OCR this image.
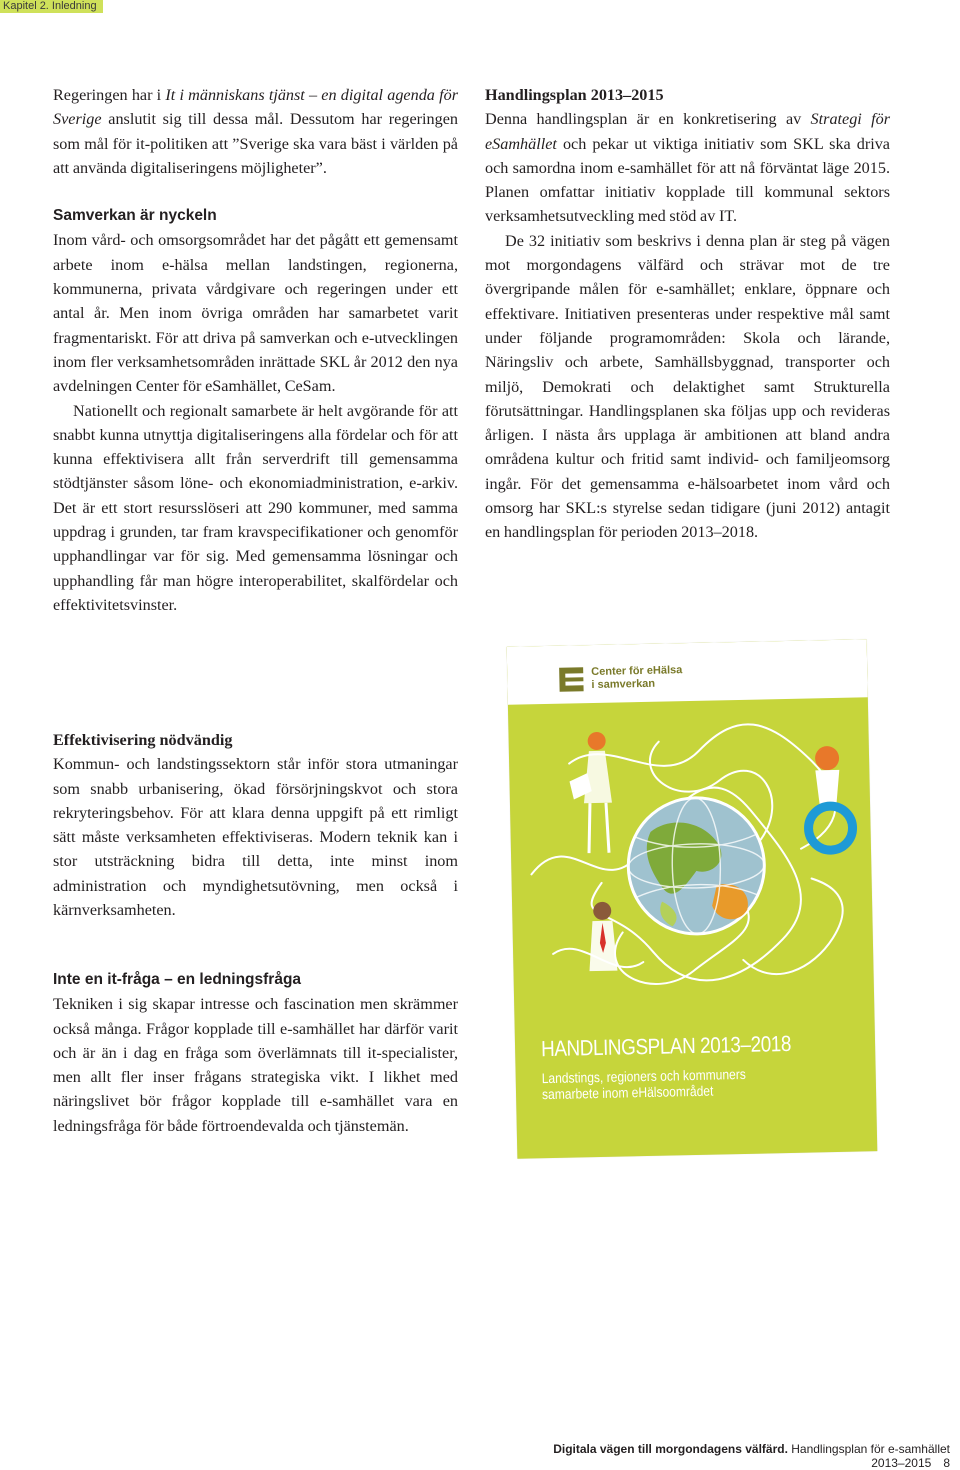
Kapitel 2. Inledning

Regeringen har i It i människans tjänst – en digital agenda för Sverige anslutit sig till dessa mål. Dessutom har regeringen som mål för it-politiken att ”Sverige ska vara bäst i världen på att använda digitaliseringens möjligheter”.

Samverkan är nyckeln

Inom vård- och omsorgsområdet har det pågått ett gemensamt arbete inom e-hälsa mellan landstingen, regionerna, kommunerna, privata vårdgivare och regeringen under ett antal år. Men inom övriga områden har samarbetet varit fragmentariskt. För att driva på samverkan och e-utvecklingen inom fler verksamhetsområden inrättade SKL år 2012 den nya avdelningen Center för eSamhället, CeSam.

Nationellt och regionalt samarbete är helt avgörande för att snabbt kunna utnyttja digitaliseringens alla fördelar och för att kunna effektivisera allt från serverdrift till gemensamma stödtjänster såsom löne- och ekonomiadministration, e-arkiv. Det är ett stort resursslöseri att 290 kommuner, med samma uppdrag i grunden, tar fram kravspecifikationer och genomför upphandlingar var för sig. Med gemensamma lösningar och upphandling får man högre interoperabilitet, skalfördelar och effektivitetsvinster.

Effektivisering nödvändig

Kommun- och landstingssektorn står inför stora utmaningar som snabb urbanisering, ökad försörjningskvot och stora rekryteringsbehov. För att klara denna uppgift på ett rimligt sätt måste verksamheten effektiviseras. Modern teknik kan i stor utsträckning bidra till detta, inte minst inom administration och myndighetsutövning, men också i kärnverksamheten.

Inte en it-fråga – en ledningsfråga

Tekniken i sig skapar intresse och fascination men skrämmer också många. Frågor kopplade till e-samhället har därför varit och är än i dag en fråga som överlämnats till it-specialister, men allt fler inser frågans strategiska vikt. I likhet med näringslivet bör frågor kopplade till e-samhället vara en ledningsfråga för både förtroendevalda och tjänstemän.

Handlingsplan 2013–2015

Denna handlingsplan är en konkretisering av Strategi för eSamhället och pekar ut viktiga initiativ som SKL ska driva och samordna inom e-samhället för att nå förväntat läge 2015. Planen omfattar initiativ kopplade till kommunal sektors verksamhetsutveckling med stöd av IT.

De 32 initiativ som beskrivs i denna plan är steg på vägen mot morgondagens välfärd och strävar mot de tre övergripande målen för e-samhället; enklare, öppnare och effektivare. Initiativen presenteras under respektive mål samt under följande programområden: Skola och lärande, Näringsliv och arbete, Samhällsbyggnad, transporter och miljö, Demokrati och delaktighet samt Strukturella förutsättningar. Handlingsplanen ska följas upp och revideras årligen. I nästa års upplaga är ambitionen att bland andra områdena kultur och fritid samt individ- och familjeomsorg ingår. För det gemensamma e-hälsoarbetet inom vård och omsorg har SKL:s styrelse sedan tidigare (juni 2012) antagit en handlingsplan för perioden 2013–2018.

Center för eHälsa
i samverkan
HANDLINGSPLAN 2013–2018
Landstings, regioners och kommuners
samarbete inom eHälsoområdet
Digitala vägen till morgondagens välfärd. Handlingsplan för e-samhället 2013–2015 8
